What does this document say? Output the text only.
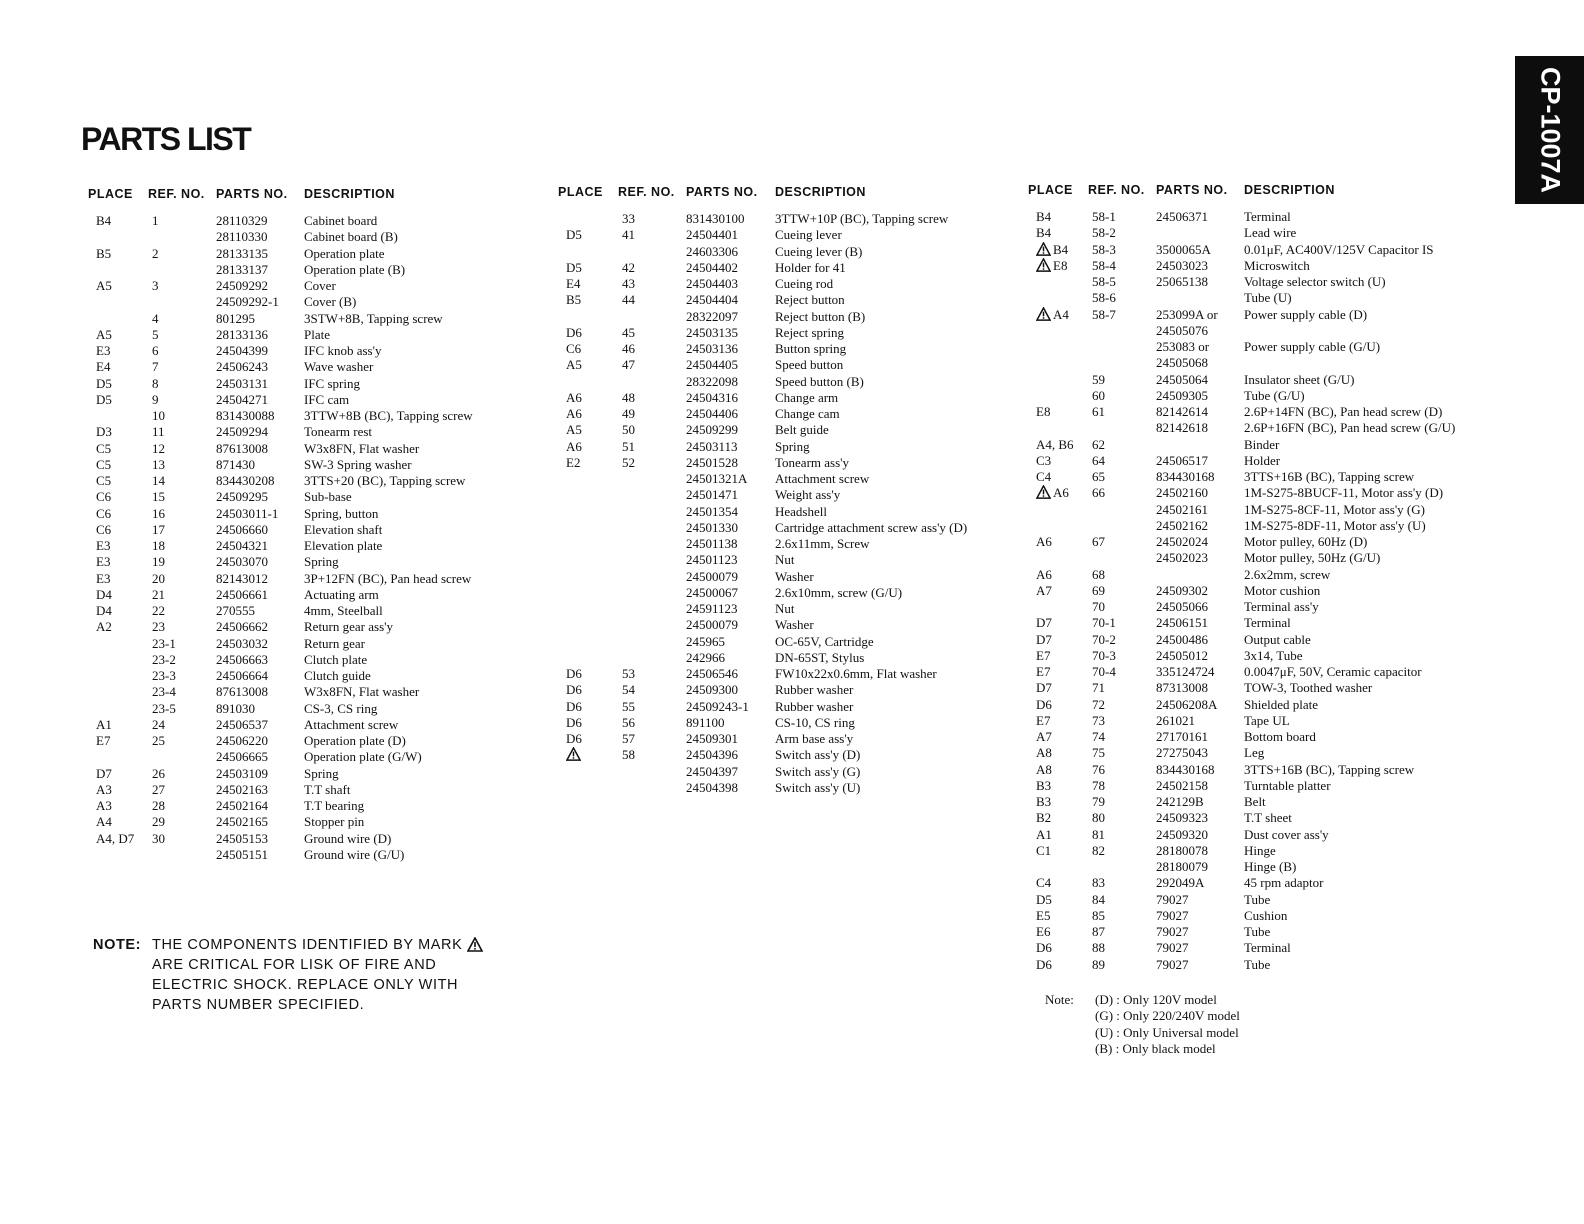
CP-1007A
PARTS LIST
PLACE	REF. NO. PARTS NO.	DESCRIPTION
B4	1	28110329	Cabinet board
28110330	Cabinet board (B)
B5	2	28133135	Operation plate
28133137	Operation plate (B)
A5	3	24509292	Cover
24509292-1	Cover (B)
4	801295	3STW+8B, Tapping screw
A5	5	28133136	Plate
E3	6	24504399	IFC knob ass'y
E4	7	24506243	Wave washer
D5	8	24503131	IFC spring
D5	9	24504271	IFC cam
10	831430088	3TTW+8B (BC), Tapping screw
D3	11	24509294	Tonearm rest
C5	12	87613008	W3x8FN, Flat washer
C5	13	871430	SW-3 Spring washer
C5	14	834430208	3TTS+20 (BC), Tapping screw
C6	15	24509295	Sub-base
C6	16	24503011-1	Spring, button
C6	17	24506660	Elevation shaft
E3	18	24504321	Elevation plate
E3	19	24503070	Spring
E3	20	82143012	3P+12FN (BC), Pan head screw
D4	21	24506661	Actuating arm
D4	22	270555	4mm, Steelball
A2	23	24506662	Return gear ass'y
23-1	24503032	Return gear
23-2	24506663	Clutch plate
23-3	24506664	Clutch guide
23-4	87613008	W3x8FN, Flat washer
23-5	891030	CS-3, CS ring
A1	24	24506537	Attachment screw
E7	25	24506220	Operation plate (D)
24506665	Operation plate (G/W)
D7	26	24503109	Spring
A3	27	24502163	T.T shaft
A3	28	24502164	T.T bearing
A4	29	24502165	Stopper pin
A4, D7	30	24505153	Ground wire (D)
24505151	Ground wire (G/U)
PLACE	REF. NO. PARTS NO.	DESCRIPTION
33	831430100	3TTW+10P (BC), Tapping screw
D5	41	24504401	Cueing lever
24603306	Cueing lever (B)
D5	42	24504402	Holder for 41
E4	43	24504403	Cueing rod
B5	44	24504404	Reject button
28322097	Reject button (B)
D6	45	24503135	Reject spring
C6	46	24503136	Button spring
A5	47	24504405	Speed button
28322098	Speed button (B)
A6	48	24504316	Change arm
A6	49	24504406	Change cam
A5	50	24509299	Belt guide
A6	51	24503113	Spring
E2	52	24501528	Tonearm ass'y
24501321A	Attachment screw
24501471	Weight ass'y
24501354	Headshell
24501330	Cartridge attachment screw ass'y (D)
24501138	2.6x11mm, Screw
24501123	Nut
24500079	Washer
24500067	2.6x10mm, screw (G/U)
24591123	Nut
24500079	Washer
245965	OC-65V, Cartridge
242966	DN-65ST, Stylus
D6	53	24506546	FW10x22x0.6mm, Flat washer
D6	54	24509300	Rubber washer
D6	55	24509243-1	Rubber washer
D6	56	891100	CS-10, CS ring
D6	57	24509301	Arm base ass'y
58	24504396	Switch ass'y (D)
24504397	Switch ass'y (G)
24504398	Switch ass'y (U)
PLACE	REF. NO. PARTS NO.	DESCRIPTION
B4	58-1	24506371	Terminal
B4	58-2	Lead wire
B4	58-3	3500065A	0.01μF, AC400V/125V Capacitor IS
E8	58-4	24503023	Microswitch
58-5	25065138	Voltage selector switch (U)
58-6	Tube (U)
A4	58-7	253099A or	Power supply cable (D)
24505076
253083 or	Power supply cable (G/U)
24505068
59	24505064	Insulator sheet (G/U)
60	24509305	Tube (G/U)
E8	61	82142614	2.6P+14FN (BC), Pan head screw (D)
82142618	2.6P+16FN (BC), Pan head screw (G/U)
A4, B6	62	Binder
C3	64	24506517	Holder
C4	65	834430168	3TTS+16B (BC), Tapping screw
A6	66	24502160	1M-S275-8BUCF-11, Motor ass'y (D)
24502161	1M-S275-8CF-11, Motor ass'y (G)
24502162	1M-S275-8DF-11, Motor ass'y (U)
A6	67	24502024	Motor pulley, 60Hz (D)
24502023	Motor pulley, 50Hz (G/U)
A6	68	2.6x2mm, screw
A7	69	24509302	Motor cushion
70	24505066	Terminal ass'y
D7	70-1	24506151	Terminal
D7	70-2	24500486	Output cable
E7	70-3	24505012	3x14, Tube
E7	70-4	335124724	0.0047μF, 50V, Ceramic capacitor
D7	71	87313008	TOW-3, Toothed washer
D6	72	24506208A	Shielded plate
E7	73	261021	Tape UL
A7	74	27170161	Bottom board
A8	75	27275043	Leg
A8	76	834430168	3TTS+16B (BC), Tapping screw
B3	78	24502158	Turntable platter
B3	79	242129B	Belt
B2	80	24509323	T.T sheet
A1	81	24509320	Dust cover ass'y
C1	82	28180078	Hinge
28180079	Hinge (B)
C4	83	292049A	45 rpm adaptor
D5	84	79027	Tube
E5	85	79027	Cushion
E6	87	79027	Tube
D6	88	79027	Terminal
D6	89	79027	Tube
NOTE: THE COMPONENTS IDENTIFIED BY MARK
ARE CRITICAL FOR LISK OF FIRE AND
ELECTRIC SHOCK. REPLACE ONLY WITH
PARTS NUMBER SPECIFIED.	Note:	(D) : Only 120V model
(G) : Only 220/240V model
(U) : Only Universal model
(B) : Only black model
